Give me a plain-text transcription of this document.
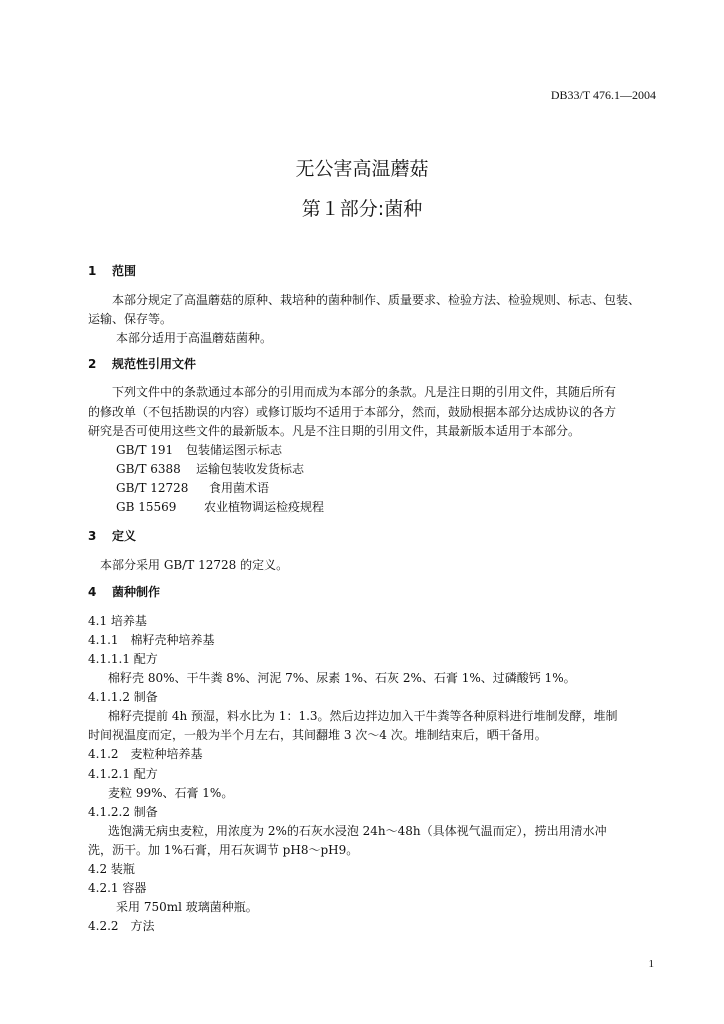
DB33/T 476.1—2004
无公害高温蘑菇
第１部分:菌种
1 范围
本部分规定了高温蘑菇的原种、栽培种的菌种制作、质量要求、检验方法、检验规则、标志、包装、
运输、保存等。
本部分适用于高温蘑菇菌种。
2 规范性引用文件
下列文件中的条款通过本部分的引用而成为本部分的条款。凡是注日期的引用文件，其随后所有
的修改单（不包括勘误的内容）或修订版均不适用于本部分，然而，鼓励根据本部分达成协议的各方
研究是否可使用这些文件的最新版本。凡是不注日期的引用文件，其最新版本适用于本部分。
GB/T 191 包装储运图示标志
GB/T 6388 运输包装收发货标志
GB/T 12728 食用菌术语
GB 15569 农业植物调运检疫规程
3 定义
本部分采用 GB/T 12728 的定义。
4 菌种制作
4.1 培养基
4.1.1　棉籽壳种培养基
4.1.1.1 配方
棉籽壳 80%、干牛粪 8%、河泥 7%、尿素 1%、石灰 2%、石膏 1%、过磷酸钙 1%。
4.1.1.2 制备
棉籽壳提前 4h 预湿，料水比为 1：1.3。然后边拌边加入干牛粪等各种原料进行堆制发酵，堆制
时间视温度而定，一般为半个月左右，其间翻堆 3 次～4 次。堆制结束后，晒干备用。
4.1.2　麦粒种培养基
4.1.2.1 配方
麦粒 99%、石膏 1%。
4.1.2.2 制备
选饱满无病虫麦粒，用浓度为 2%的石灰水浸泡 24h～48h（具体视气温而定），捞出用清水冲
洗，沥干。加 1%石膏，用石灰调节 pH8～pH9。
4.2 装瓶
4.2.1 容器
采用 750ml 玻璃菌种瓶。
4.2.2　方法
1
